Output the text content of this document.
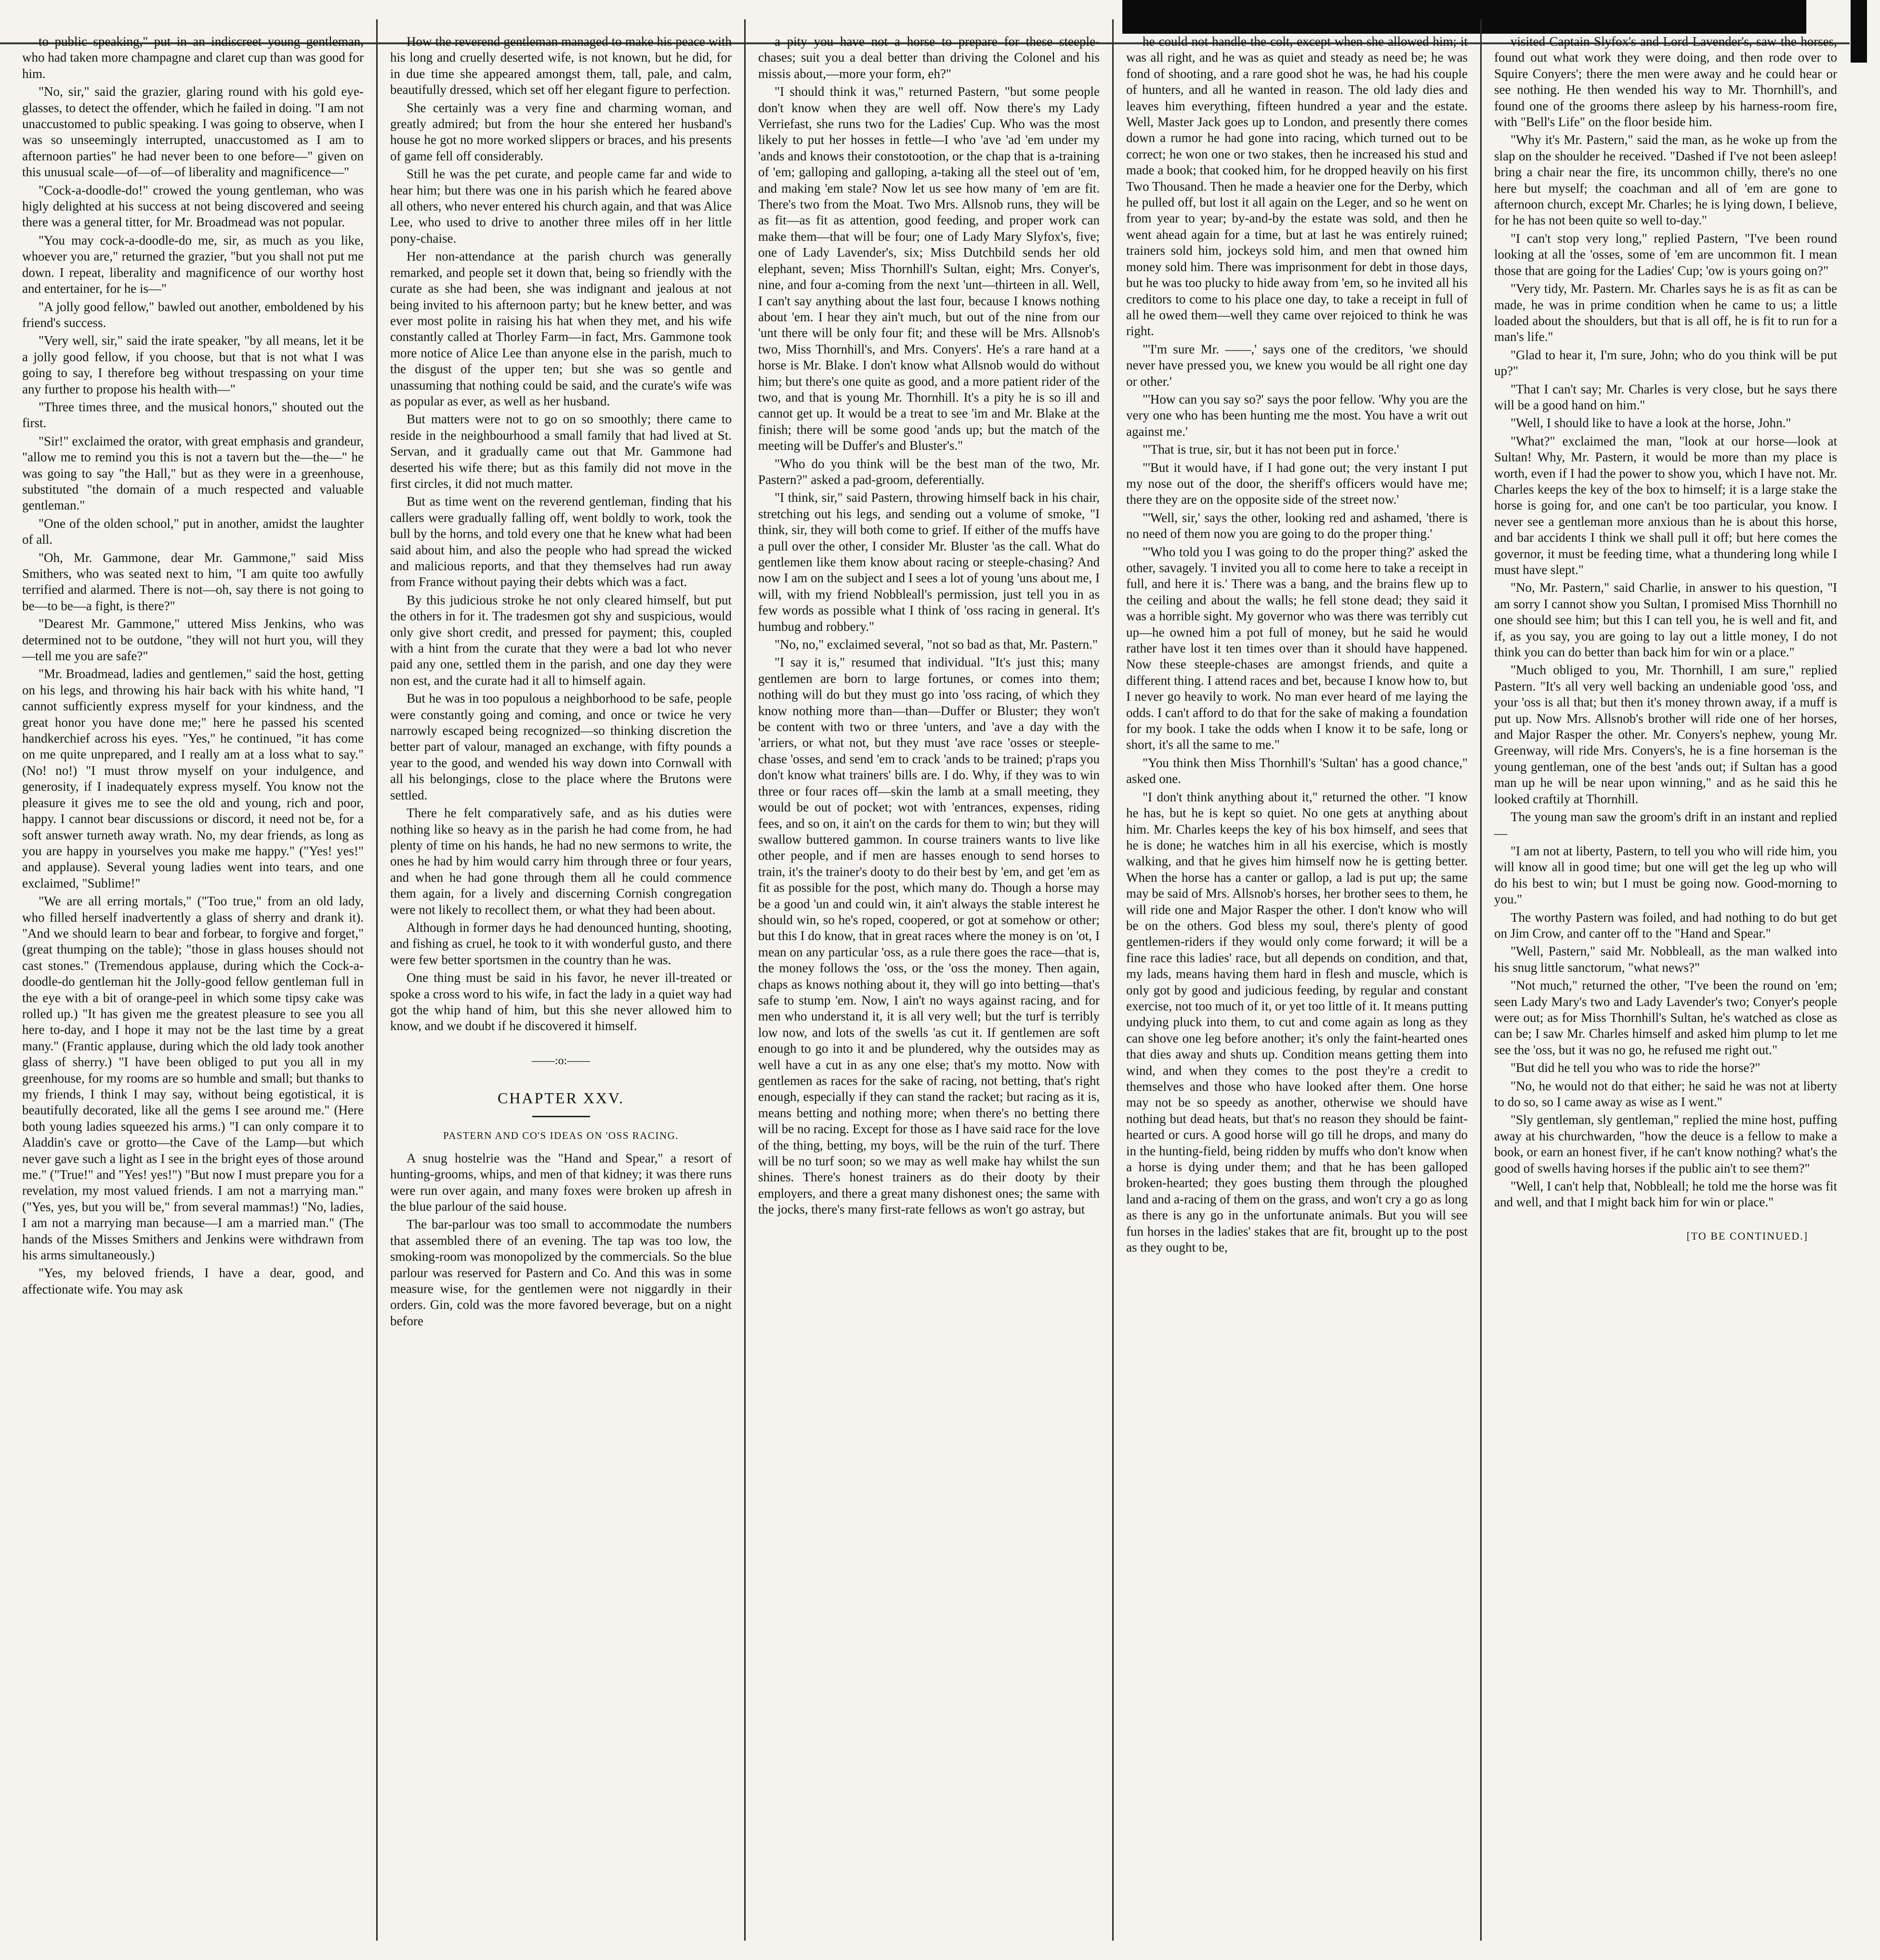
to public speaking," put in an indiscreet young gentleman, who had taken more champagne and claret cup than was good for him.

"No, sir," said the grazier, glaring round with his gold eye-glasses, to detect the offender, which he failed in doing. "I am not unaccustomed to public speaking. I was going to observe, when I was so unseemingly interrupted, unaccustomed as I am to afternoon parties" he had never been to one before—" given on this unusual scale—of—of—of liberality and magnificence—"

"Cock-a-doodle-do!" crowed the young gentleman, who was higly delighted at his success at not being discovered and seeing there was a general titter, for Mr. Broadmead was not popular.

"You may cock-a-doodle-do me, sir, as much as you like, whoever you are," returned the grazier, "but you shall not put me down. I repeat, liberality and magnificence of our worthy host and entertainer, for he is—"

"A jolly good fellow," bawled out another, emboldened by his friend's success.

"Very well, sir," said the irate speaker, "by all means, let it be a jolly good fellow, if you choose, but that is not what I was going to say, I therefore beg without trespassing on your time any further to propose his health with—"

"Three times three, and the musical honors," shouted out the first.

"Sir!" exclaimed the orator, with great emphasis and grandeur, "allow me to remind you this is not a tavern but the—the—" he was going to say "the Hall," but as they were in a greenhouse, substituted "the domain of a much respected and valuable gentleman."

"One of the olden school," put in another, amidst the laughter of all.

"Oh, Mr. Gammone, dear Mr. Gammone," said Miss Smithers, who was seated next to him, "I am quite too awfully terrified and alarmed. There is not—oh, say there is not going to be—to be—a fight, is there?"

"Dearest Mr. Gammone," uttered Miss Jenkins, who was determined not to be outdone, "they will not hurt you, will they—tell me you are safe?"

"Mr. Broadmead, ladies and gentlemen," said the host, getting on his legs, and throwing his hair back with his white hand, "I cannot sufficiently express myself for your kindness, and the great honor you have done me;" here he passed his scented handkerchief across his eyes. "Yes," he continued, "it has come on me quite unprepared, and I really am at a loss what to say." (No! no!) "I must throw myself on your indulgence, and generosity, if I inadequately express myself. You know not the pleasure it gives me to see the old and young, rich and poor, happy. I cannot bear discussions or discord, it need not be, for a soft answer turneth away wrath. No, my dear friends, as long as you are happy in yourselves you make me happy." ("Yes! yes!" and applause). Several young ladies went into tears, and one exclaimed, "Sublime!"

"We are all erring mortals," ("Too true," from an old lady, who filled herself inadvertently a glass of sherry and drank it). "And we should learn to bear and forbear, to forgive and forget," (great thumping on the table); "those in glass houses should not cast stones." (Tremendous applause, during which the Cock-a-doodle-do gentleman hit the Jolly-good fellow gentleman full in the eye with a bit of orange-peel in which some tipsy cake was rolled up.) "It has given me the greatest pleasure to see you all here to-day, and I hope it may not be the last time by a great many." (Frantic applause, during which the old lady took another glass of sherry.) "I have been obliged to put you all in my greenhouse, for my rooms are so humble and small; but thanks to my friends, I think I may say, without being egotistical, it is beautifully decorated, like all the gems I see around me." (Here both young ladies squeezed his arms.) "I can only compare it to Aladdin's cave or grotto—the Cave of the Lamp—but which never gave such a light as I see in the bright eyes of those around me." ("True!" and "Yes! yes!") "But now I must prepare you for a revelation, my most valued friends. I am not a marrying man." ("Yes, yes, but you will be," from several mammas!) "No, ladies, I am not a marrying man because—I am a married man." (The hands of the Misses Smithers and Jenkins were withdrawn from his arms simultaneously.)

"Yes, my beloved friends, I have a dear, good, and affectionate wife. You may ask

How the reverend gentleman managed to make his peace with his long and cruelly deserted wife, is not known, but he did, for in due time she appeared amongst them, tall, pale, and calm, beautifully dressed, which set off her elegant figure to perfection.

She certainly was a very fine and charming woman, and greatly admired; but from the hour she entered her husband's house he got no more worked slippers or braces, and his presents of game fell off considerably.

Still he was the pet curate, and people came far and wide to hear him; but there was one in his parish which he feared above all others, who never entered his church again, and that was Alice Lee, who used to drive to another three miles off in her little pony-chaise.

Her non-attendance at the parish church was generally remarked, and people set it down that, being so friendly with the curate as she had been, she was indignant and jealous at not being invited to his afternoon party; but he knew better, and was ever most polite in raising his hat when they met, and his wife constantly called at Thorley Farm—in fact, Mrs. Gammone took more notice of Alice Lee than anyone else in the parish, much to the disgust of the upper ten; but she was so gentle and unassuming that nothing could be said, and the curate's wife was as popular as ever, as well as her husband.

But matters were not to go on so smoothly; there came to reside in the neighbourhood a small family that had lived at St. Servan, and it gradually came out that Mr. Gammone had deserted his wife there; but as this family did not move in the first circles, it did not much matter.

But as time went on the reverend gentleman, finding that his callers were gradually falling off, went boldly to work, took the bull by the horns, and told every one that he knew what had been said about him, and also the people who had spread the wicked and malicious reports, and that they themselves had run away from France without paying their debts which was a fact.

By this judicious stroke he not only cleared himself, but put the others in for it. The tradesmen got shy and suspicious, would only give short credit, and pressed for payment; this, coupled with a hint from the curate that they were a bad lot who never paid any one, settled them in the parish, and one day they were non est, and the curate had it all to himself again.

But he was in too populous a neighborhood to be safe, people were constantly going and coming, and once or twice he very narrowly escaped being recognized—so thinking discretion the better part of valour, managed an exchange, with fifty pounds a year to the good, and wended his way down into Cornwall with all his belongings, close to the place where the Brutons were settled.

There he felt comparatively safe, and as his duties were nothing like so heavy as in the parish he had come from, he had plenty of time on his hands, he had no new sermons to write, the ones he had by him would carry him through three or four years, and when he had gone through them all he could commence them again, for a lively and discerning Cornish congregation were not likely to recollect them, or what they had been about.

Although in former days he had denounced hunting, shooting, and fishing as cruel, he took to it with wonderful gusto, and there were few better sportsmen in the country than he was.

One thing must be said in his favor, he never ill-treated or spoke a cross word to his wife, in fact the lady in a quiet way had got the whip hand of him, but this she never allowed him to know, and we doubt if he discovered it himself.

——:o:——
CHAPTER XXV.
PASTERN AND CO'S IDEAS ON 'OSS RACING.

A snug hostelrie was the "Hand and Spear," a resort of hunting-grooms, whips, and men of that kidney; it was there runs were run over again, and many foxes were broken up afresh in the blue parlour of the said house.

The bar-parlour was too small to accommodate the numbers that assembled there of an evening. The tap was too low, the smoking-room was monopolized by the commercials. So the blue parlour was reserved for Pastern and Co. And this was in some measure wise, for the gentlemen were not niggardly in their orders. Gin, cold was the more favored beverage, but on a night before

a pity you have not a horse to prepare for these steeple-chases; suit you a deal better than driving the Colonel and his missis about,—more your form, eh?"

"I should think it was," returned Pastern, "but some people don't know when they are well off. Now there's my Lady Verriefast, she runs two for the Ladies' Cup. Who was the most likely to put her hosses in fettle—I who 'ave 'ad 'em under my 'ands and knows their constotootion, or the chap that is a-training of 'em; galloping and galloping, a-taking all the steel out of 'em, and making 'em stale? Now let us see how many of 'em are fit. There's two from the Moat. Two Mrs. Allsnob runs, they will be as fit—as fit as attention, good feeding, and proper work can make them—that will be four; one of Lady Mary Slyfox's, five; one of Lady Lavender's, six; Miss Dutchbild sends her old elephant, seven; Miss Thornhill's Sultan, eight; Mrs. Conyer's, nine, and four a-coming from the next 'unt—thirteen in all. Well, I can't say anything about the last four, because I knows nothing about 'em. I hear they ain't much, but out of the nine from our 'unt there will be only four fit; and these will be Mrs. Allsnob's two, Miss Thornhill's, and Mrs. Conyers'. He's a rare hand at a horse is Mr. Blake. I don't know what Allsnob would do without him; but there's one quite as good, and a more patient rider of the two, and that is young Mr. Thornhill. It's a pity he is so ill and cannot get up. It would be a treat to see 'im and Mr. Blake at the finish; there will be some good 'ands up; but the match of the meeting will be Duffer's and Bluster's."

"Who do you think will be the best man of the two, Mr. Pastern?" asked a pad-groom, deferentially.

"I think, sir," said Pastern, throwing himself back in his chair, stretching out his legs, and sending out a volume of smoke, "I think, sir, they will both come to grief. If either of the muffs have a pull over the other, I consider Mr. Bluster 'as the call. What do gentlemen like them know about racing or steeple-chasing? And now I am on the subject and I sees a lot of young 'uns about me, I will, with my friend Nobbleall's permission, just tell you in as few words as possible what I think of 'oss racing in general. It's humbug and robbery."

"No, no," exclaimed several, "not so bad as that, Mr. Pastern."

"I say it is," resumed that individual. "It's just this; many gentlemen are born to large fortunes, or comes into them; nothing will do but they must go into 'oss racing, of which they know nothing more than—than—Duffer or Bluster; they won't be content with two or three 'unters, and 'ave a day with the 'arriers, or what not, but they must 'ave race 'osses or steeple-chase 'osses, and send 'em to crack 'ands to be trained; p'raps you don't know what trainers' bills are. I do. Why, if they was to win three or four races off—skin the lamb at a small meeting, they would be out of pocket; wot with 'entrances, expenses, riding fees, and so on, it ain't on the cards for them to win; but they will swallow buttered gammon. In course trainers wants to live like other people, and if men are hasses enough to send horses to train, it's the trainer's dooty to do their best by 'em, and get 'em as fit as possible for the post, which many do. Though a horse may be a good 'un and could win, it ain't always the stable interest he should win, so he's roped, coopered, or got at somehow or other; but this I do know, that in great races where the money is on 'ot, I mean on any particular 'oss, as a rule there goes the race—that is, the money follows the 'oss, or the 'oss the money. Then again, chaps as knows nothing about it, they will go into betting—that's safe to stump 'em. Now, I ain't no ways against racing, and for men who understand it, it is all very well; but the turf is terribly low now, and lots of the swells 'as cut it. If gentlemen are soft enough to go into it and be plundered, why the outsides may as well have a cut in as any one else; that's my motto. Now with gentlemen as races for the sake of racing, not betting, that's right enough, especially if they can stand the racket; but racing as it is, means betting and nothing more; when there's no betting there will be no racing. Except for those as I have said race for the love of the thing, betting, my boys, will be the ruin of the turf. There will be no turf soon; so we may as well make hay whilst the sun shines. There's honest trainers as do their dooty by their employers, and there a great many dishonest ones; the same with the jocks, there's many first-rate fellows as won't go astray, but

he could not handle the colt, except when she allowed him; it was all right, and he was as quiet and steady as need be; he was fond of shooting, and a rare good shot he was, he had his couple of hunters, and all he wanted in reason. The old lady dies and leaves him everything, fifteen hundred a year and the estate. Well, Master Jack goes up to London, and presently there comes down a rumor he had gone into racing, which turned out to be correct; he won one or two stakes, then he increased his stud and made a book; that cooked him, for he dropped heavily on his first Two Thousand. Then he made a heavier one for the Derby, which he pulled off, but lost it all again on the Leger, and so he went on from year to year; by-and-by the estate was sold, and then he went ahead again for a time, but at last he was entirely ruined; trainers sold him, jockeys sold him, and men that owned him money sold him. There was imprisonment for debt in those days, but he was too plucky to hide away from 'em, so he invited all his creditors to come to his place one day, to take a receipt in full of all he owed them—well they came over rejoiced to think he was right.

"'I'm sure Mr. ——,' says one of the creditors, 'we should never have pressed you, we knew you would be all right one day or other.'

"'How can you say so?' says the poor fellow. 'Why you are the very one who has been hunting me the most. You have a writ out against me.'

"'That is true, sir, but it has not been put in force.'

"'But it would have, if I had gone out; the very instant I put my nose out of the door, the sheriff's officers would have me; there they are on the opposite side of the street now.'

"'Well, sir,' says the other, looking red and ashamed, 'there is no need of them now you are going to do the proper thing.'

"'Who told you I was going to do the proper thing?' asked the other, savagely. 'I invited you all to come here to take a receipt in full, and here it is.' There was a bang, and the brains flew up to the ceiling and about the walls; he fell stone dead; they said it was a horrible sight. My governor who was there was terribly cut up—he owned him a pot full of money, but he said he would rather have lost it ten times over than it should have happened. Now these steeple-chases are amongst friends, and quite a different thing. I attend races and bet, because I know how to, but I never go heavily to work. No man ever heard of me laying the odds. I can't afford to do that for the sake of making a foundation for my book. I take the odds when I know it to be safe, long or short, it's all the same to me."

"You think then Miss Thornhill's 'Sultan' has a good chance," asked one.

"I don't think anything about it," returned the other. "I know he has, but he is kept so quiet. No one gets at anything about him. Mr. Charles keeps the key of his box himself, and sees that he is done; he watches him in all his exercise, which is mostly walking, and that he gives him himself now he is getting better. When the horse has a canter or gallop, a lad is put up; the same may be said of Mrs. Allsnob's horses, her brother sees to them, he will ride one and Major Rasper the other. I don't know who will be on the others. God bless my soul, there's plenty of good gentlemen-riders if they would only come forward; it will be a fine race this ladies' race, but all depends on condition, and that, my lads, means having them hard in flesh and muscle, which is only got by good and judicious feeding, by regular and constant exercise, not too much of it, or yet too little of it. It means putting undying pluck into them, to cut and come again as long as they can shove one leg before another; it's only the faint-hearted ones that dies away and shuts up. Condition means getting them into wind, and when they comes to the post they're a credit to themselves and those who have looked after them. One horse may not be so speedy as another, otherwise we should have nothing but dead heats, but that's no reason they should be faint-hearted or curs. A good horse will go till he drops, and many do in the hunting-field, being ridden by muffs who don't know when a horse is dying under them; and that he has been galloped broken-hearted; they goes busting them through the ploughed land and a-racing of them on the grass, and won't cry a go as long as there is any go in the unfortunate animals. But you will see fun horses in the ladies' stakes that are fit, brought up to the post as they ought to be,

visited Captain Slyfox's and Lord Lavender's, saw the horses, found out what work they were doing, and then rode over to Squire Conyers'; there the men were away and he could hear or see nothing. He then wended his way to Mr. Thornhill's, and found one of the grooms there asleep by his harness-room fire, with "Bell's Life" on the floor beside him.

"Why it's Mr. Pastern," said the man, as he woke up from the slap on the shoulder he received. "Dashed if I've not been asleep! bring a chair near the fire, its uncommon chilly, there's no one here but myself; the coachman and all of 'em are gone to afternoon church, except Mr. Charles; he is lying down, I believe, for he has not been quite so well to-day."

"I can't stop very long," replied Pastern, "I've been round looking at all the 'osses, some of 'em are uncommon fit. I mean those that are going for the Ladies' Cup; 'ow is yours going on?"

"Very tidy, Mr. Pastern. Mr. Charles says he is as fit as can be made, he was in prime condition when he came to us; a little loaded about the shoulders, but that is all off, he is fit to run for a man's life."

"Glad to hear it, I'm sure, John; who do you think will be put up?"

"That I can't say; Mr. Charles is very close, but he says there will be a good hand on him."

"Well, I should like to have a look at the horse, John."

"What?" exclaimed the man, "look at our horse—look at Sultan! Why, Mr. Pastern, it would be more than my place is worth, even if I had the power to show you, which I have not. Mr. Charles keeps the key of the box to himself; it is a large stake the horse is going for, and one can't be too particular, you know. I never see a gentleman more anxious than he is about this horse, and bar accidents I think we shall pull it off; but here comes the governor, it must be feeding time, what a thundering long while I must have slept."

"No, Mr. Pastern," said Charlie, in answer to his question, "I am sorry I cannot show you Sultan, I promised Miss Thornhill no one should see him; but this I can tell you, he is well and fit, and if, as you say, you are going to lay out a little money, I do not think you can do better than back him for win or a place."

"Much obliged to you, Mr. Thornhill, I am sure," replied Pastern. "It's all very well backing an undeniable good 'oss, and your 'oss is all that; but then it's money thrown away, if a muff is put up. Now Mrs. Allsnob's brother will ride one of her horses, and Major Rasper the other. Mr. Conyers's nephew, young Mr. Greenway, will ride Mrs. Conyers's, he is a fine horseman is the young gentleman, one of the best 'ands out; if Sultan has a good man up he will be near upon winning," and as he said this he looked craftily at Thornhill.

The young man saw the groom's drift in an instant and replied—

"I am not at liberty, Pastern, to tell you who will ride him, you will know all in good time; but one will get the leg up who will do his best to win; but I must be going now. Good-morning to you."

The worthy Pastern was foiled, and had nothing to do but get on Jim Crow, and canter off to the "Hand and Spear."

"Well, Pastern," said Mr. Nobbleall, as the man walked into his snug little sanctorum, "what news?"

"Not much," returned the other, "I've been the round on 'em; seen Lady Mary's two and Lady Lavender's two; Conyer's people were out; as for Miss Thornhill's Sultan, he's watched as close as can be; I saw Mr. Charles himself and asked him plump to let me see the 'oss, but it was no go, he refused me right out."

"But did he tell you who was to ride the horse?"

"No, he would not do that either; he said he was not at liberty to do so, so I came away as wise as I went."

"Sly gentleman, sly gentleman," replied the mine host, puffing away at his churchwarden, "how the deuce is a fellow to make a book, or earn an honest fiver, if he can't know nothing? what's the good of swells having horses if the public ain't to see them?"

"Well, I can't help that, Nobbleall; he told me the horse was fit and well, and that I might back him for win or place."

[TO BE CONTINUED.]
